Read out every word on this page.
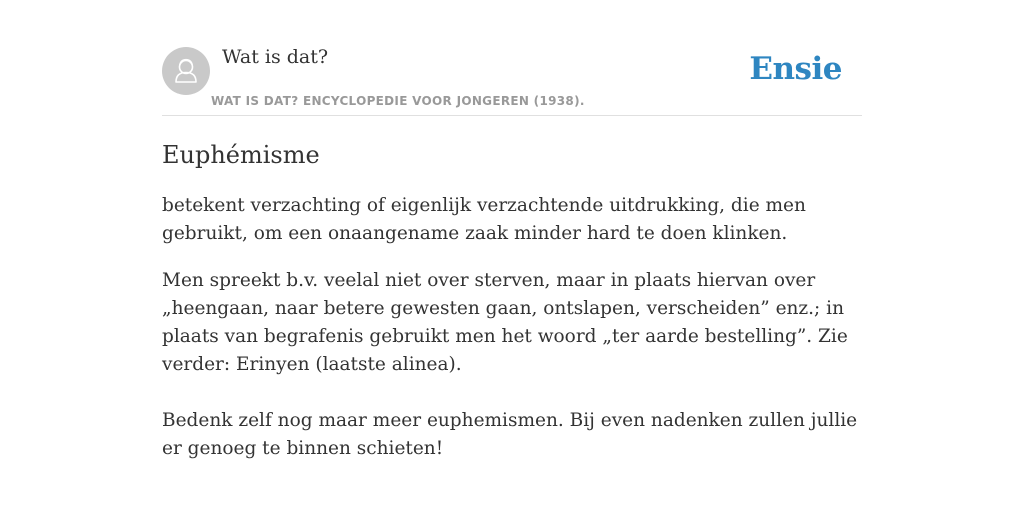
Wat is dat?
WAT IS DAT? ENCYCLOPEDIE VOOR JONGEREN (1938).
Ensie
Euphémisme

betekent verzachting of eigenlijk verzachtende uitdrukking, die men gebruikt, om een onaangename zaak minder hard te doen klinken.

Men spreekt b.v. veelal niet over sterven, maar in plaats hiervan over „heengaan, naar betere gewesten gaan, ontslapen, verscheiden” enz.; in plaats van begrafenis gebruikt men het woord „ter aarde bestelling”. Zie verder: Erinyen (laatste alinea).

Bedenk zelf nog maar meer euphemismen. Bij even nadenken zullen jullie er genoeg te binnen schieten!
